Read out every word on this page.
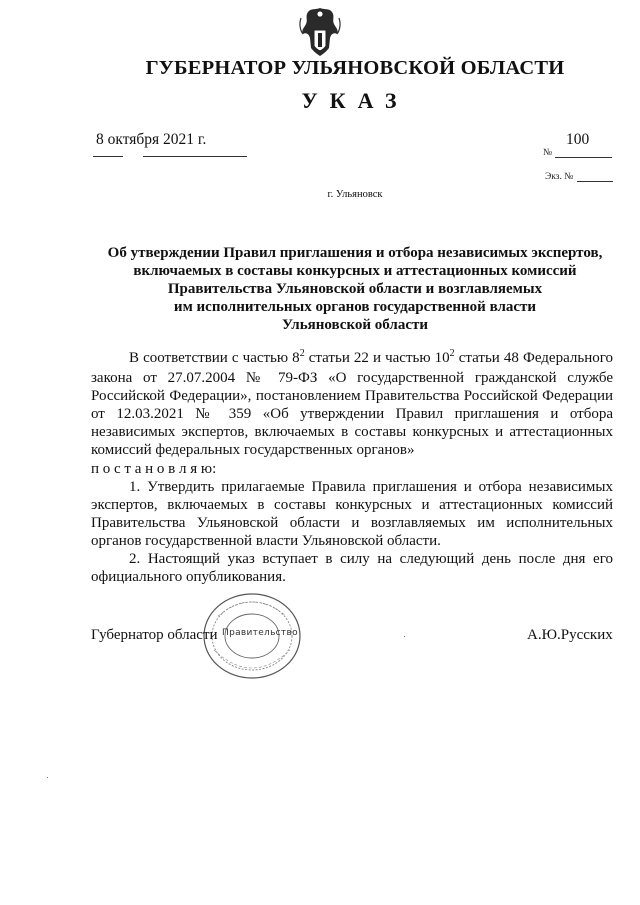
ГУБЕРНАТОР УЛЬЯНОВСКОЙ ОБЛАСТИ
УКАЗ
8 октября 2021 г.	100
№
Экз. №
г. Ульяновск
Об утверждении Правил приглашения и отбора независимых экспертов,
включаемых в составы конкурсных и аттестационных комиссий
Правительства Ульяновской области и возглавляемых
им исполнительных органов государственной власти
Ульяновской области

В соответствии с частью $8^2$ статьи 22 и частью $10^2$ статьи 48 Федерального закона от 27.07.2004 № 79-ФЗ «О государственной гражданской службе Российской Федерации», постановлением Правительства Российской Федерации от 12.03.2021 № 359 «Об утверждении Правил приглашения и отбора независимых экспертов, включаемых в составы конкурсных и аттестационных комиссий федеральных государственных органов»

п о с т а н о в л я ю:

1. Утвердить прилагаемые Правила приглашения и отбора независимых экспертов, включаемых в составы конкурсных и аттестационных комиссий Правительства Ульяновской области и возглавляемых им исполнительных органов государственной власти Ульяновской области.

2. Настоящий указ вступает в силу на следующий день после дня его официального опубликования.

Правительство
Губернатор области	А.Ю.Русских
